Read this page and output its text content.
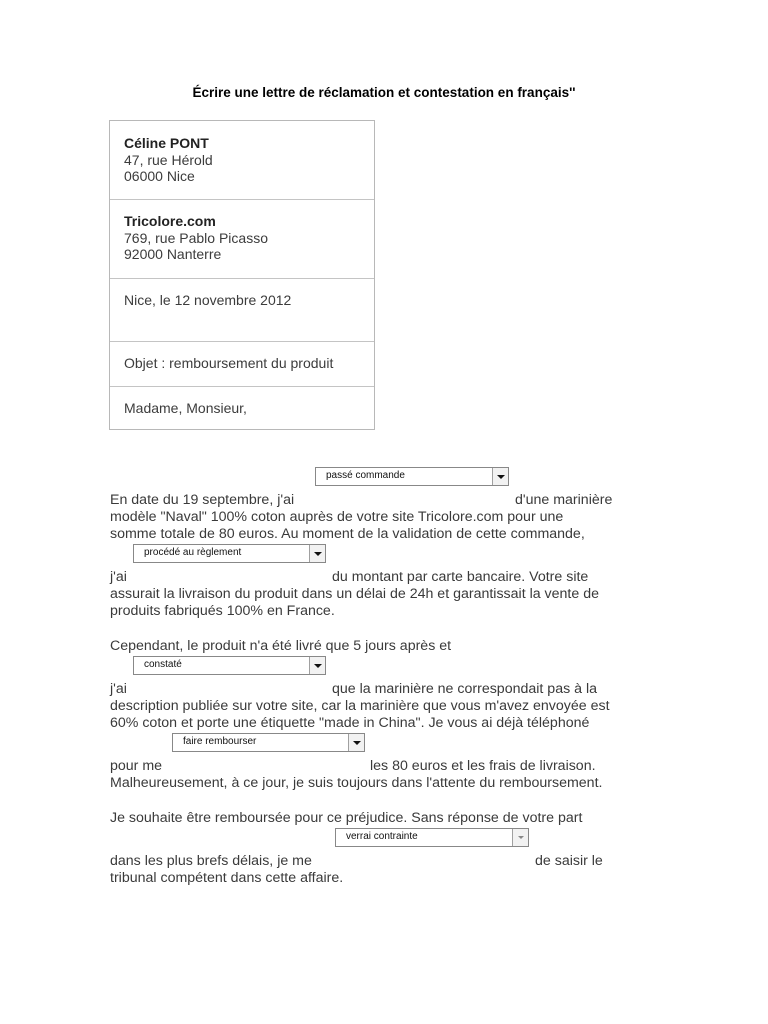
Écrire une lettre de réclamation et contestation en français''
Céline PONT
47, rue Hérold
06000 Nice
Tricolore.com
769, rue Pablo Picasso
92000 Nanterre
Nice, le 12 novembre 2012
Objet : remboursement du produit
Madame, Monsieur,
passé commande
En date du 19 septembre, j'ai	d'une marinière
modèle "Naval" 100% coton auprès de votre site Tricolore.com pour une
somme totale de 80 euros. Au moment de la validation de cette commande,
procédé au règlement
j'ai	du montant par carte bancaire. Votre site
assurait la livraison du produit dans un délai de 24h et garantissait la vente de
produits fabriqués 100% en France.
Cependant, le produit n'a été livré que 5 jours après et
constaté
j'ai	que la marinière ne correspondait pas à la
description publiée sur votre site, car la marinière que vous m'avez envoyée est
60% coton et porte une étiquette "made in China". Je vous ai déjà téléphoné
faire rembourser
pour me	les 80 euros et les frais de livraison.
Malheureusement, à ce jour, je suis toujours dans l'attente du remboursement.
Je souhaite être remboursée pour ce préjudice. Sans réponse de votre part
verrai contrainte
dans les plus brefs délais, je me	de saisir le
tribunal compétent dans cette affaire.
